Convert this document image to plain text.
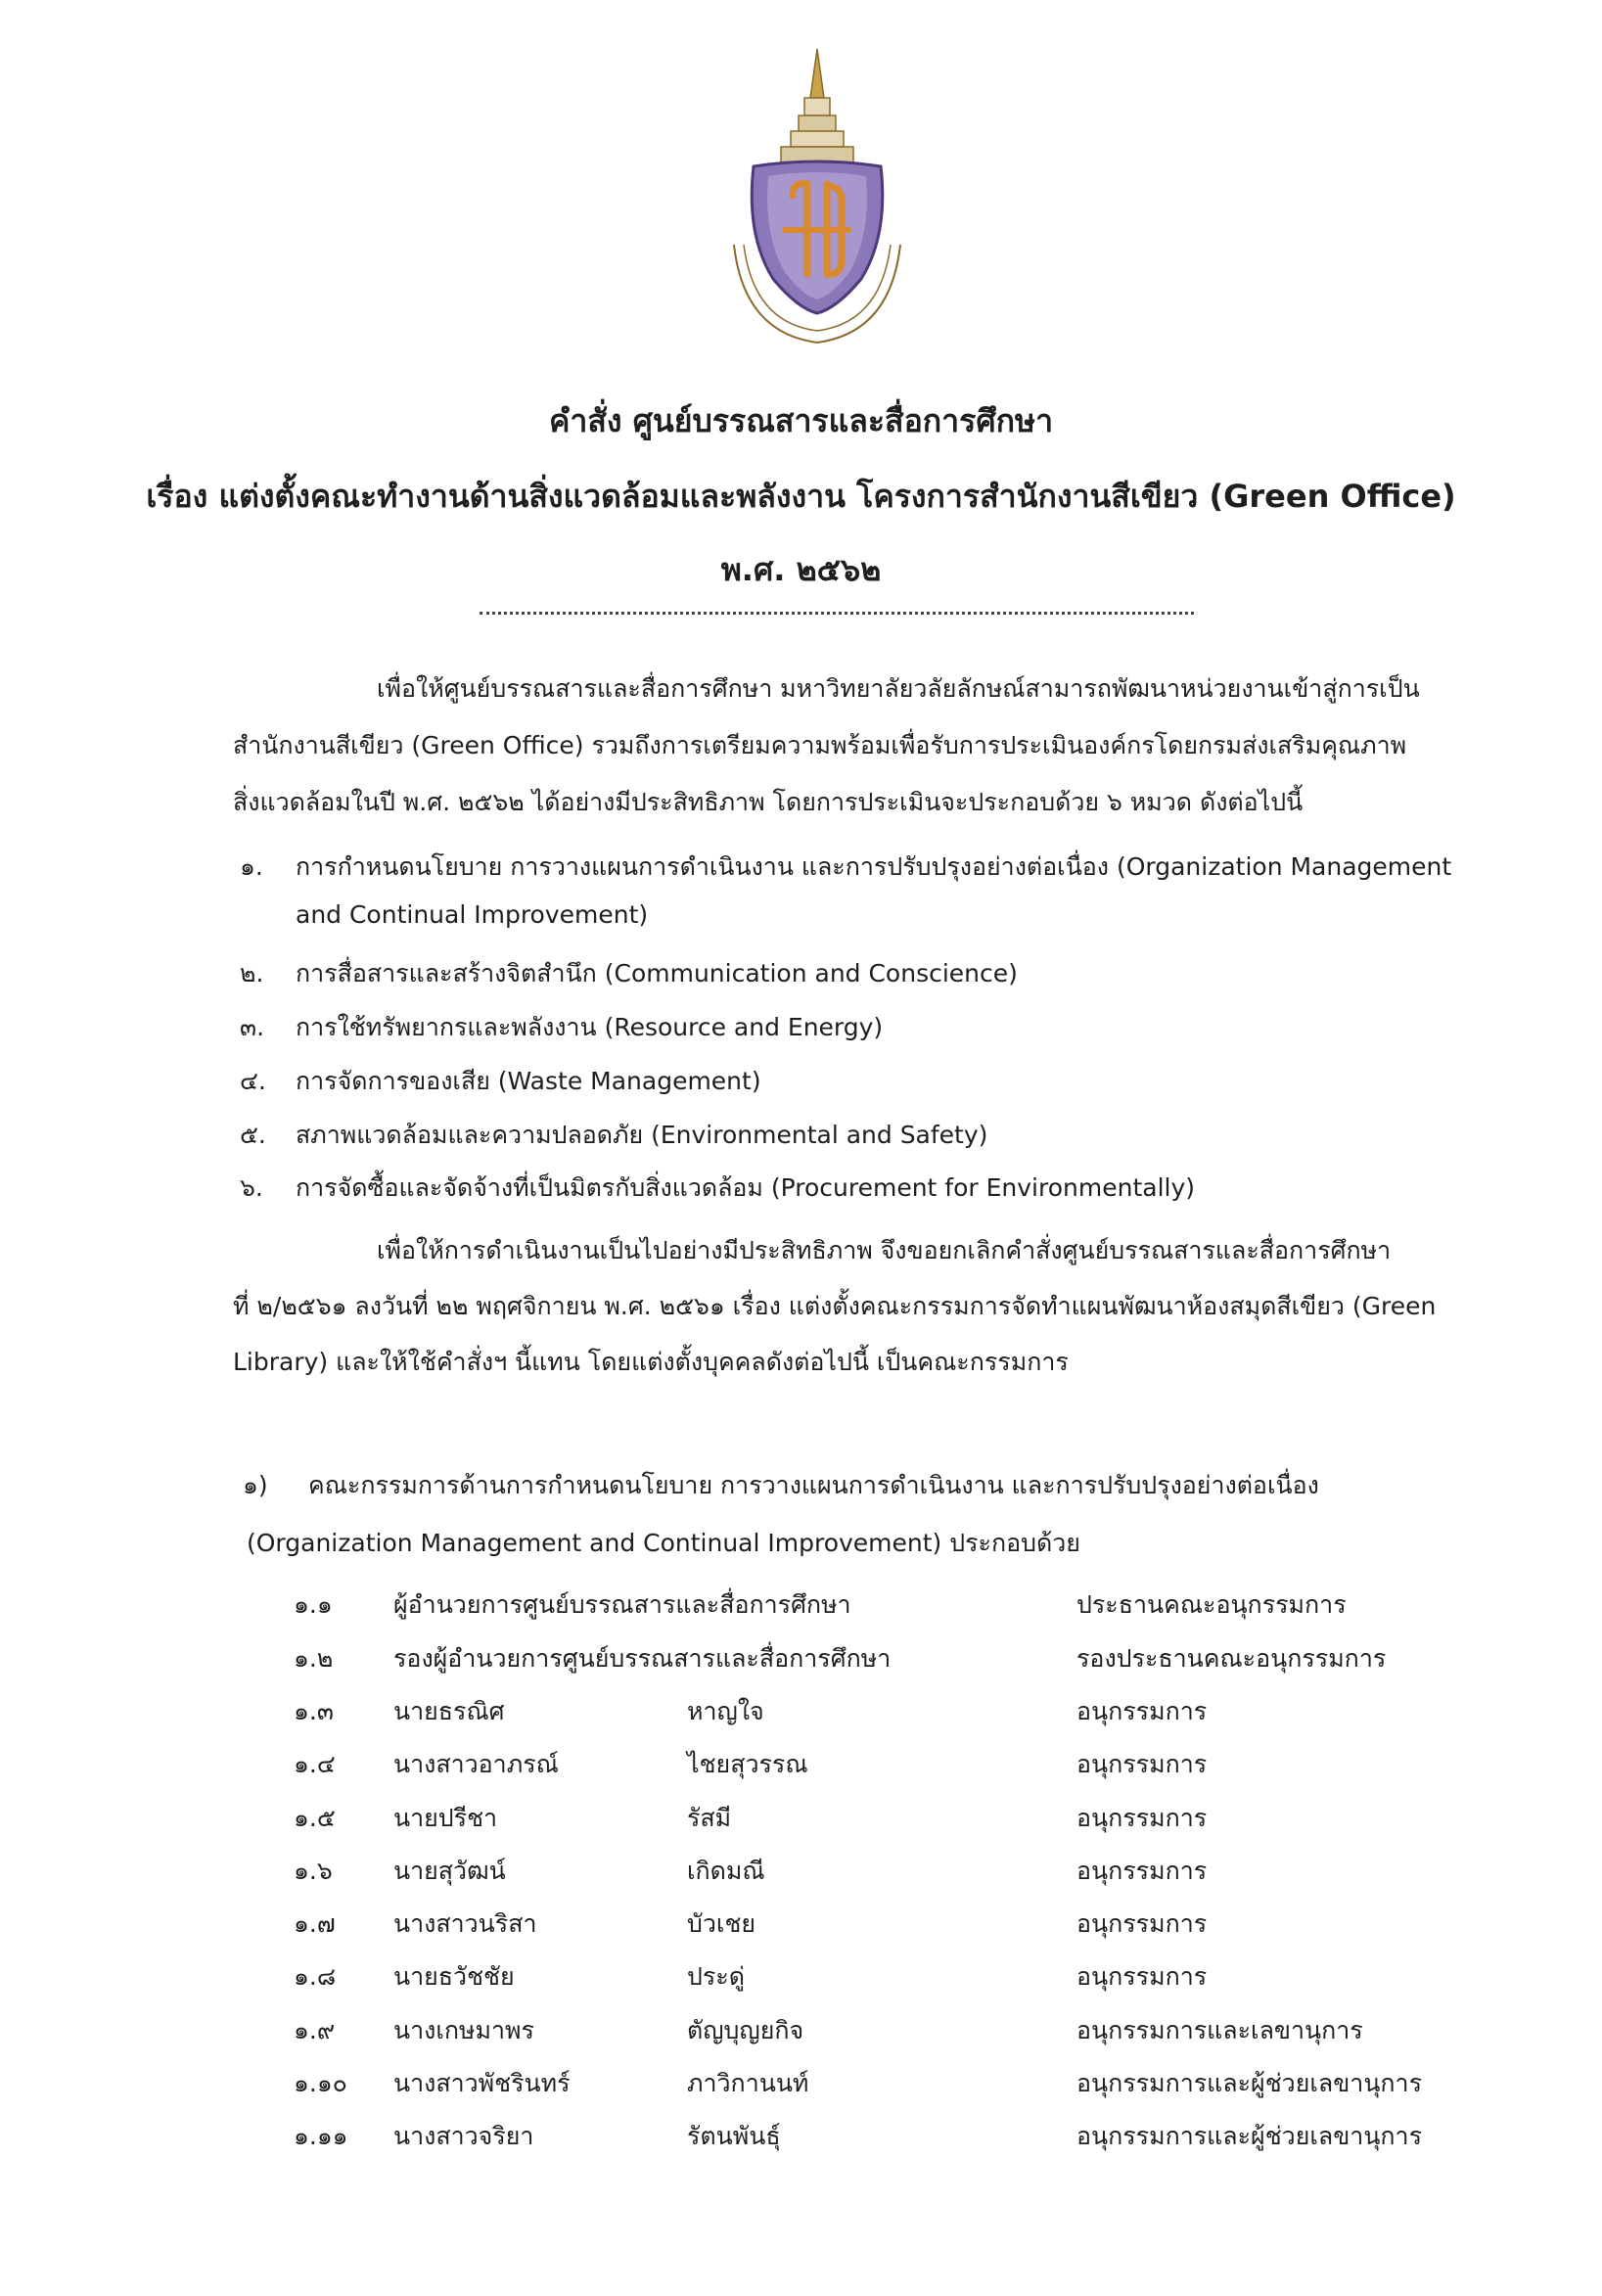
คำสั่ง ศูนย์บรรณสารและสื่อการศึกษา
เรื่อง แต่งตั้งคณะทำงานด้านสิ่งแวดล้อมและพลังงาน โครงการสำนักงานสีเขียว (Green Office)
พ.ศ. ๒๕๖๒
เพื่อให้ศูนย์บรรณสารและสื่อการศึกษา มหาวิทยาลัยวลัยลักษณ์สามารถพัฒนาหน่วยงานเข้าสู่การเป็น
สำนักงานสีเขียว (Green Office) รวมถึงการเตรียมความพร้อมเพื่อรับการประเมินองค์กรโดยกรมส่งเสริมคุณภาพ
สิ่งแวดล้อมในปี พ.ศ. ๒๕๖๒ ได้อย่างมีประสิทธิภาพ โดยการประเมินจะประกอบด้วย ๖ หมวด ดังต่อไปนี้
๑. การกำหนดนโยบาย การวางแผนการดำเนินงาน และการปรับปรุงอย่างต่อเนื่อง (Organization Management
and Continual Improvement)
๒. การสื่อสารและสร้างจิตสำนึก (Communication and Conscience)
๓. การใช้ทรัพยากรและพลังงาน (Resource and Energy)
๔. การจัดการของเสีย (Waste Management)
๕. สภาพแวดล้อมและความปลอดภัย (Environmental and Safety)
๖. การจัดซื้อและจัดจ้างที่เป็นมิตรกับสิ่งแวดล้อม (Procurement for Environmentally)
เพื่อให้การดำเนินงานเป็นไปอย่างมีประสิทธิภาพ จึงขอยกเลิกคำสั่งศูนย์บรรณสารและสื่อการศึกษา
ที่ ๒/๒๕๖๑ ลงวันที่ ๒๒ พฤศจิกายน พ.ศ. ๒๕๖๑ เรื่อง แต่งตั้งคณะกรรมการจัดทำแผนพัฒนาห้องสมุดสีเขียว (Green
Library) และให้ใช้คำสั่งฯ นี้แทน โดยแต่งตั้งบุคคลดังต่อไปนี้ เป็นคณะกรรมการ
๑) คณะกรรมการด้านการกำหนดนโยบาย การวางแผนการดำเนินงาน และการปรับปรุงอย่างต่อเนื่อง
(Organization Management and Continual Improvement) ประกอบด้วย
๑.๑ ผู้อำนวยการศูนย์บรรณสารและสื่อการศึกษา	ประธานคณะอนุกรรมการ
๑.๒ รองผู้อำนวยการศูนย์บรรณสารและสื่อการศึกษา	รองประธานคณะอนุกรรมการ
๑.๓ นายธรณิศ	หาญใจ	อนุกรรมการ
๑.๔ นางสาวอาภรณ์	ไชยสุวรรณ	อนุกรรมการ
๑.๕ นายปรีชา	รัสมี	อนุกรรมการ
๑.๖ นายสุวัฒน์	เกิดมณี	อนุกรรมการ
๑.๗ นางสาวนริสา	บัวเชย	อนุกรรมการ
๑.๘ นายธวัชชัย	ประดู่	อนุกรรมการ
๑.๙ นางเกษมาพร	ตัญบุญยกิจ	อนุกรรมการและเลขานุการ
๑.๑๐ นางสาวพัชรินทร์	ภาวิกานนท์	อนุกรรมการและผู้ช่วยเลขานุการ
๑.๑๑ นางสาวจริยา	รัตนพันธุ์	อนุกรรมการและผู้ช่วยเลขานุการ
